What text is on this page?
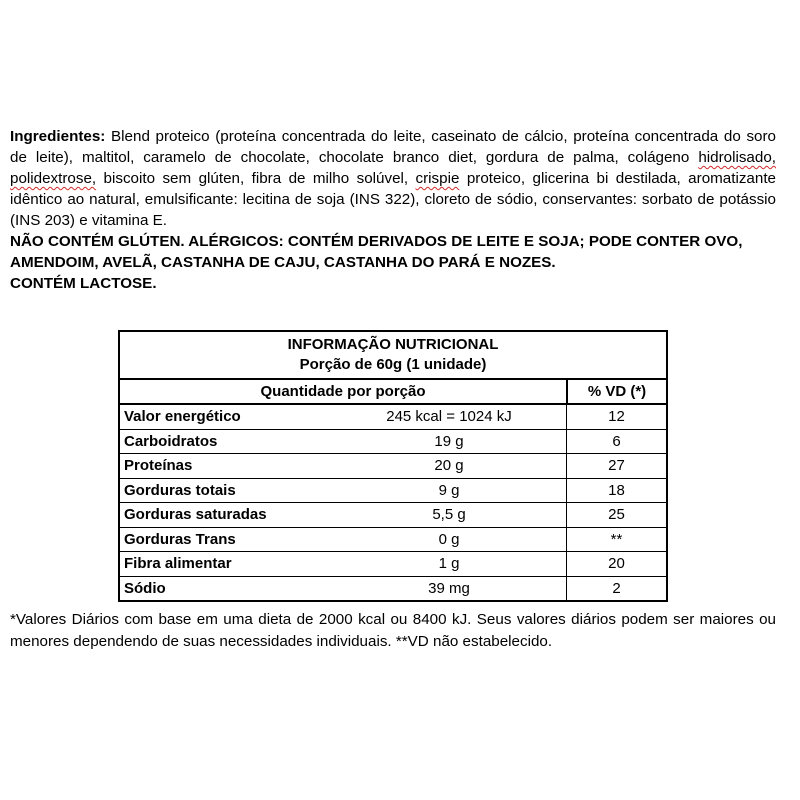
Ingredientes: Blend proteico (proteína concentrada do leite, caseinato de cálcio, proteína concentrada do soro de leite), maltitol, caramelo de chocolate, chocolate branco diet, gordura de palma, colágeno hidrolisado, polidextrose, biscoito sem glúten, fibra de milho solúvel, crispie proteico, glicerina bi destilada, aromatizante idêntico ao natural, emulsificante: lecitina de soja (INS 322), cloreto de sódio, conservantes: sorbato de potássio (INS 203) e vitamina E.

NÃO CONTÉM GLÚTEN. ALÉRGICOS: CONTÉM DERIVADOS DE LEITE E SOJA; PODE CONTER OVO, AMENDOIM, AVELÃ, CASTANHA DE CAJU, CASTANHA DO PARÁ E NOZES.

CONTÉM LACTOSE.

INFORMAÇÃO NUTRICIONAL
Porção de 60g (1 unidade)
Quantidade por porção	% VD (*)
Valor energético	245 kcal = 1024 kJ	12
Carboidratos	19 g	6
Proteínas	20 g	27
Gorduras totais	9 g	18
Gorduras saturadas	5,5 g	25
Gorduras Trans	0 g	**
Fibra alimentar	1 g	20
Sódio	39 mg	2
*Valores Diários com base em uma dieta de 2000 kcal ou 8400 kJ. Seus valores diários podem ser maiores ou menores dependendo de suas necessidades individuais. **VD não estabelecido.
